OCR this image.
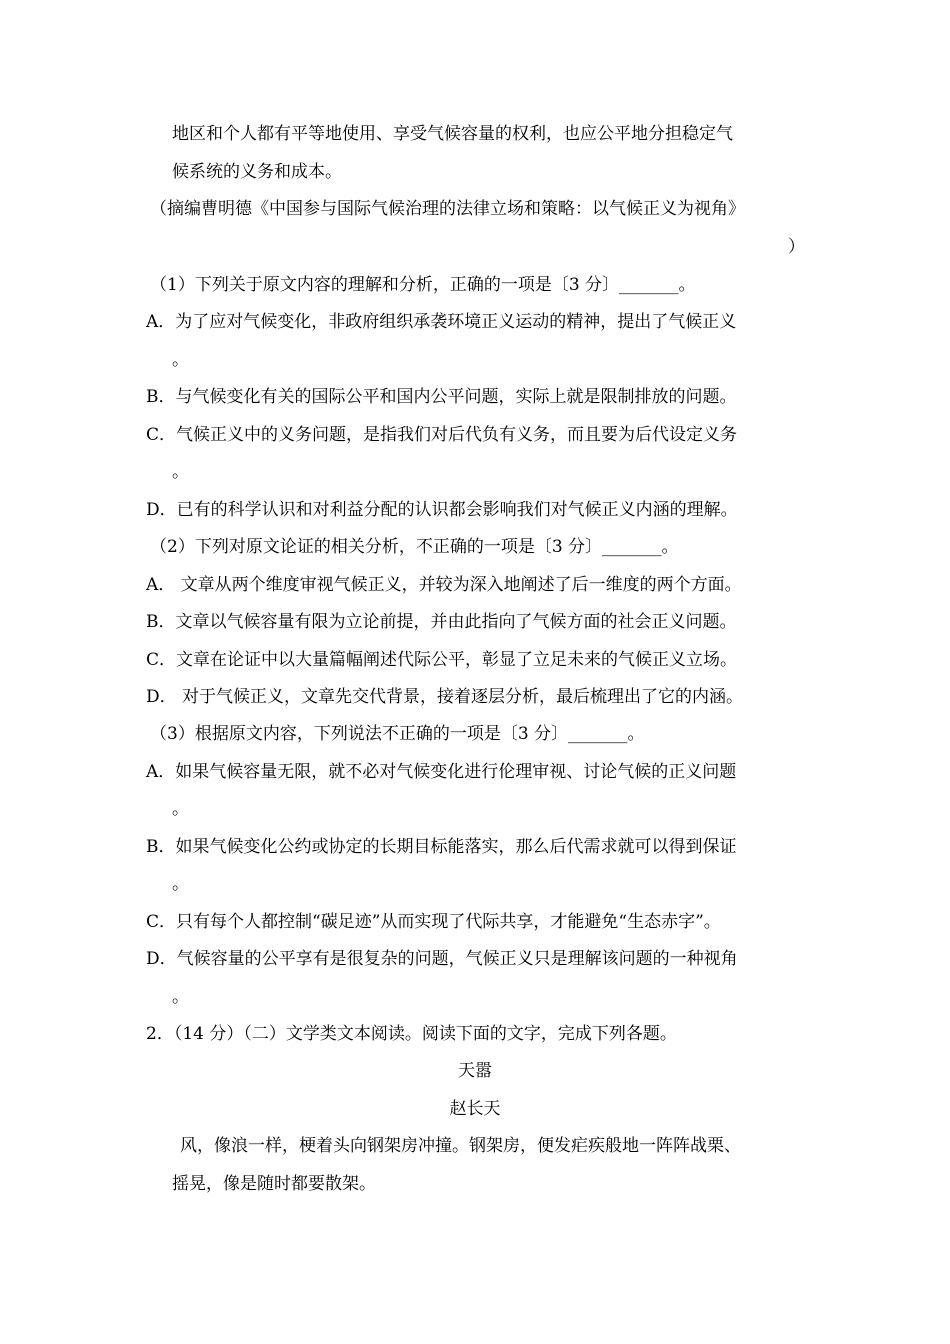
地区和个人都有平等地使用、享受气候容量的权利，也应公平地分担稳定气
候系统的义务和成本。
（摘编曹明德《中国参与国际气候治理的法律立场和策略：以气候正义为视角》
）
（1）下列关于原文内容的理解和分析，正确的一项是〔3 分〕_______。
A．为了应对气候变化，非政府组织承袭环境正义运动的精神，提出了气候正义
。
B．与气候变化有关的国际公平和国内公平问题，实际上就是限制排放的问题。
C．气候正义中的义务问题，是指我们对后代负有义务，而且要为后代设定义务
。
D．已有的科学认识和对利益分配的认识都会影响我们对气候正义内涵的理解。
（2）下列对原文论证的相关分析，不正确的一项是〔3 分〕_______。
A． 文章从两个维度审视气候正义，并较为深入地阐述了后一维度的两个方面。
B．文章以气候容量有限为立论前提，并由此指向了气候方面的社会正义问题。
C．文章在论证中以大量篇幅阐述代际公平，彰显了立足未来的气候正义立场。
D． 对于气候正义，文章先交代背景，接着逐层分析，最后梳理出了它的内涵。
（3）根据原文内容，下列说法不正确的一项是〔3 分〕_______。
A．如果气候容量无限，就不必对气候变化进行伦理审视、讨论气候的正义问题
。
B．如果气候变化公约或协定的长期目标能落实，那么后代需求就可以得到保证
。
C．只有每个人都控制“碳足迹”从而实现了代际共享，才能避免“生态赤字”。
D．气候容量的公平享有是很复杂的问题，气候正义只是理解该问题的一种视角
。
2．（14 分）（二）文学类文本阅读。阅读下面的文字，完成下列各题。
天嚣
赵长天
风，像浪一样，梗着头向钢架房冲撞。钢架房，便发疟疾般地一阵阵战栗、
摇晃，像是随时都要散架。
